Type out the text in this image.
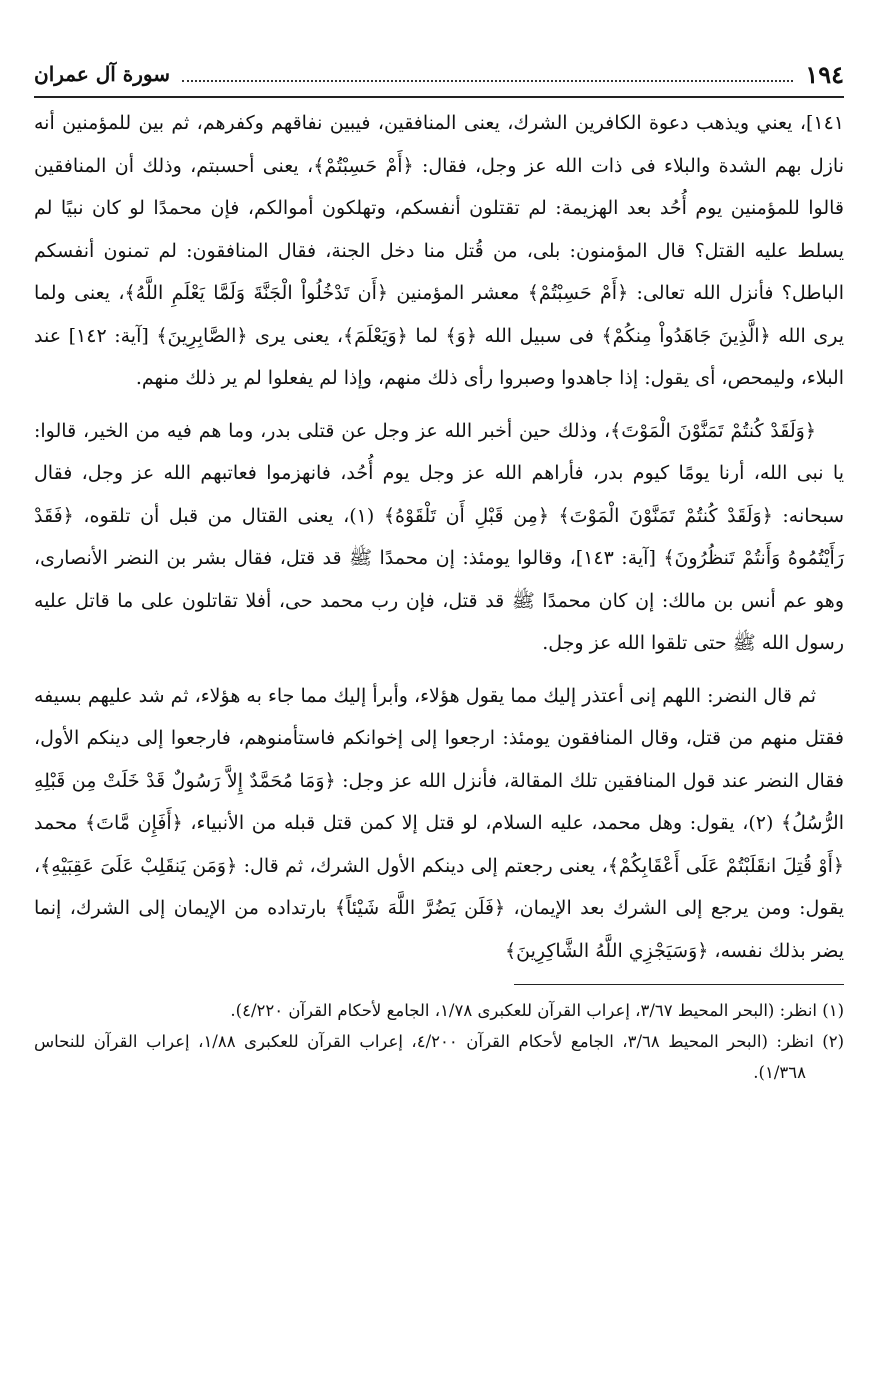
١٩٤
سورة آل عمران

١٤١]، يعني ويذهب دعوة الكافرين الشرك، يعنى المنافقين، فيبين نفاقهم وكفرهم، ثم بين للمؤمنين أنه نازل بهم الشدة والبلاء فى ذات الله عز وجل، فقال: ﴿أَمْ حَسِبْتُمْ﴾، يعنى أحسبتم، وذلك أن المنافقين قالوا للمؤمنين يوم أُحُد بعد الهزيمة: لم تقتلون أنفسكم، وتهلكون أموالكم، فإن محمدًا لو كان نبيًا لم يسلط عليه القتل؟ قال المؤمنون: بلى، من قُتل منا دخل الجنة، فقال المنافقون: لم تمنون أنفسكم الباطل؟ فأنزل الله تعالى: ﴿أَمْ حَسِبْتُمْ﴾ معشر المؤمنين ﴿أَن تَدْخُلُواْ الْجَنَّةَ وَلَمَّا يَعْلَمِ اللَّهُ﴾، يعنى ولما يرى الله ﴿الَّذِينَ جَاهَدُواْ مِنكُمْ﴾ فى سبيل الله ﴿وَ﴾ لما ﴿وَيَعْلَمَ﴾، يعنى يرى ﴿الصَّابِرِينَ﴾ [آية: ١٤٢] عند البلاء، وليمحص، أى يقول: إذا جاهدوا وصبروا رأى ذلك منهم، وإذا لم يفعلوا لم ير ذلك منهم.

﴿وَلَقَدْ كُنتُمْ تَمَنَّوْنَ الْمَوْتَ﴾، وذلك حين أخبر الله عز وجل عن قتلى بدر، وما هم فيه من الخير، قالوا: يا نبى الله، أرنا يومًا كيوم بدر، فأراهم الله عز وجل يوم أُحُد، فانهزموا فعاتبهم الله عز وجل، فقال سبحانه: ﴿وَلَقَدْ كُنتُمْ تَمَنَّوْنَ الْمَوْتَ﴾ ﴿مِن قَبْلِ أَن تَلْقَوْهُ﴾ (١)، يعنى القتال من قبل أن تلقوه، ﴿فَقَدْ رَأَيْتُمُوهُ وَأَنتُمْ تَنظُرُونَ﴾ [آية: ١٤٣]، وقالوا يومئذ: إن محمدًا ﷺ قد قتل، فقال بشر بن النضر الأنصارى، وهو عم أنس بن مالك: إن كان محمدًا ﷺ قد قتل، فإن رب محمد حى، أفلا تقاتلون على ما قاتل عليه رسول الله ﷺ حتى تلقوا الله عز وجل.

ثم قال النضر: اللهم إنى أعتذر إليك مما يقول هؤلاء، وأبرأ إليك مما جاء به هؤلاء، ثم شد عليهم بسيفه فقتل منهم من قتل، وقال المنافقون يومئذ: ارجعوا إلى إخوانكم فاستأمنوهم، فارجعوا إلى دينكم الأول، فقال النضر عند قول المنافقين تلك المقالة، فأنزل الله عز وجل: ﴿وَمَا مُحَمَّدٌ إِلاَّ رَسُولٌ قَدْ خَلَتْ مِن قَبْلِهِ الرُّسُلُ﴾ (٢)، يقول: وهل محمد، عليه السلام، لو قتل إلا كمن قتل قبله من الأنبياء، ﴿أَفَإِن مَّاتَ﴾ محمد ﴿أَوْ قُتِلَ انقَلَبْتُمْ عَلَى أَعْقَابِكُمْ﴾، يعنى رجعتم إلى دينكم الأول الشرك، ثم قال: ﴿وَمَن يَنقَلِبْ عَلَىَ عَقِبَيْهِ﴾، يقول: ومن يرجع إلى الشرك بعد الإيمان، ﴿فَلَن يَضُرَّ اللَّهَ شَيْئاً﴾ بارتداده من الإيمان إلى الشرك، إنما يضر بذلك نفسه، ﴿وَسَيَجْزِي اللَّهُ الشَّاكِرِينَ﴾

(١) انظر: (البحر المحيط ٣/٦٧، إعراب القرآن للعكبرى ١/٧٨، الجامع لأحكام القرآن ٤/٢٢٠).

(٢) انظر: (البحر المحيط ٣/٦٨، الجامع لأحكام القرآن ٤/٢٠٠، إعراب القرآن للعكبرى ١/٨٨، إعراب القرآن للنحاس ١/٣٦٨).
